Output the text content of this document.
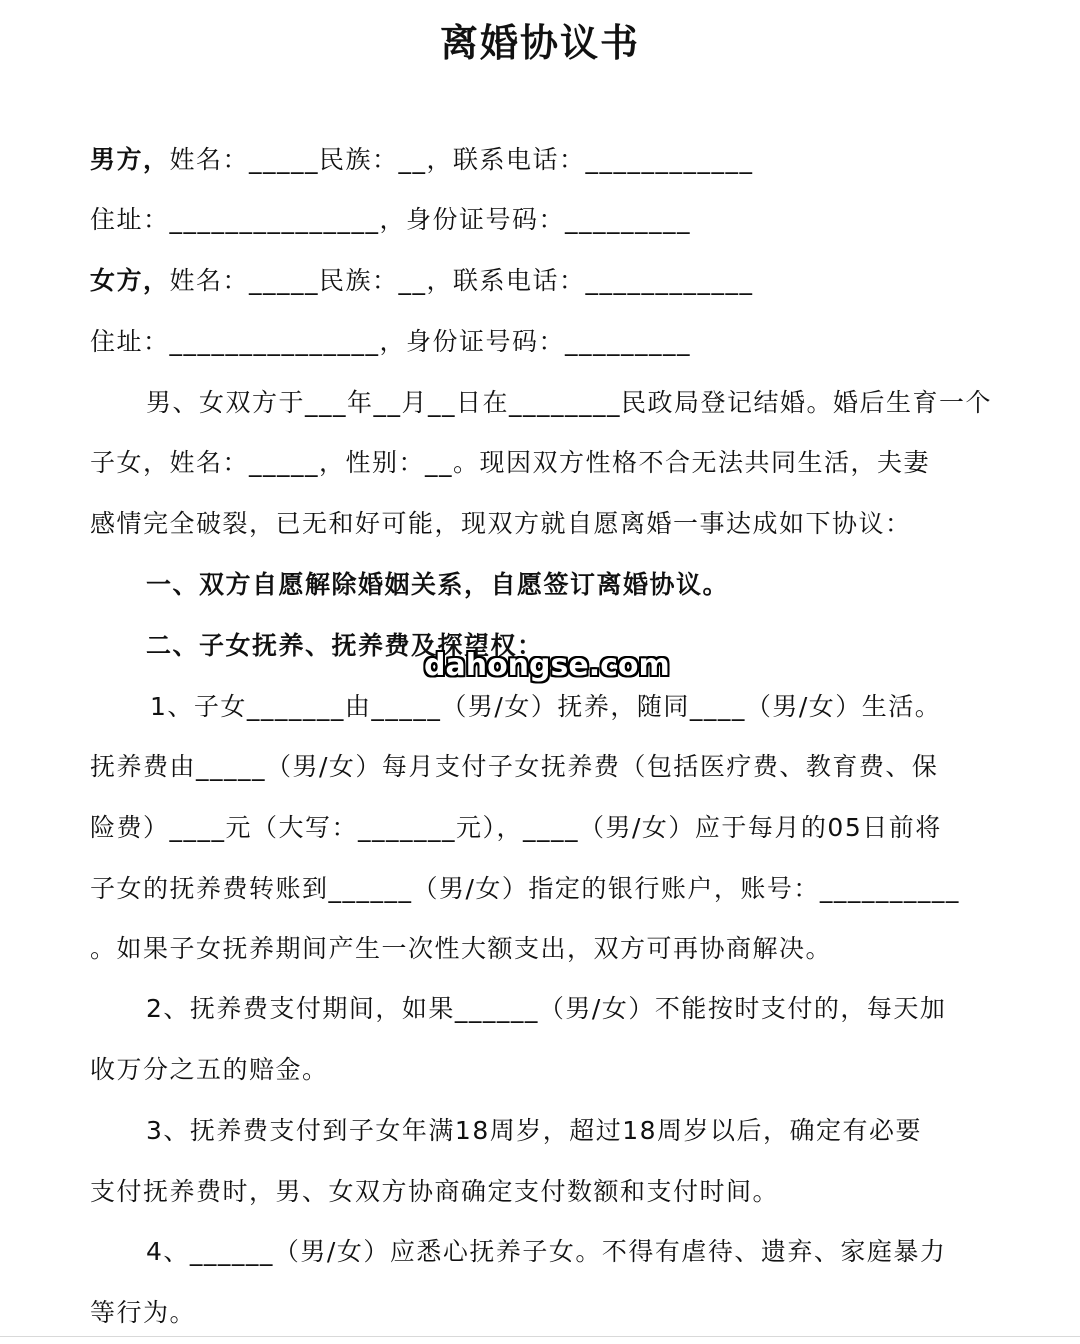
离婚协议书
男方，姓名：_____民族：__，联系电话：____________
住址：_______________，身份证号码：_________
女方，姓名：_____民族：__，联系电话：____________
住址：_______________，身份证号码：_________
男、女双方于___年__月__日在________民政局登记结婚。婚后生育一个
子女，姓名：_____，性别：__。现因双方性格不合无法共同生活，夫妻
感情完全破裂，已无和好可能，现双方就自愿离婚一事达成如下协议：
一、双方自愿解除婚姻关系，自愿签订离婚协议。
二、子女抚养、抚养费及探望权：
1、子女_______由_____（男/女）抚养，随同____（男/女）生活。
抚养费由_____（男/女）每月支付子女抚养费（包括医疗费、教育费、保
险费）____元（大写：_______元），____（男/女）应于每月的05日前将
子女的抚养费转账到______（男/女）指定的银行账户，账号：__________
。如果子女抚养期间产生一次性大额支出，双方可再协商解决。
2、抚养费支付期间，如果______（男/女）不能按时支付的，每天加
收万分之五的赔金。
3、抚养费支付到子女年满18周岁，超过18周岁以后，确定有必要
支付抚养费时，男、女双方协商确定支付数额和支付时间。
4、______（男/女）应悉心抚养子女。不得有虐待、遗弃、家庭暴力
等行为。
dahongse.com
